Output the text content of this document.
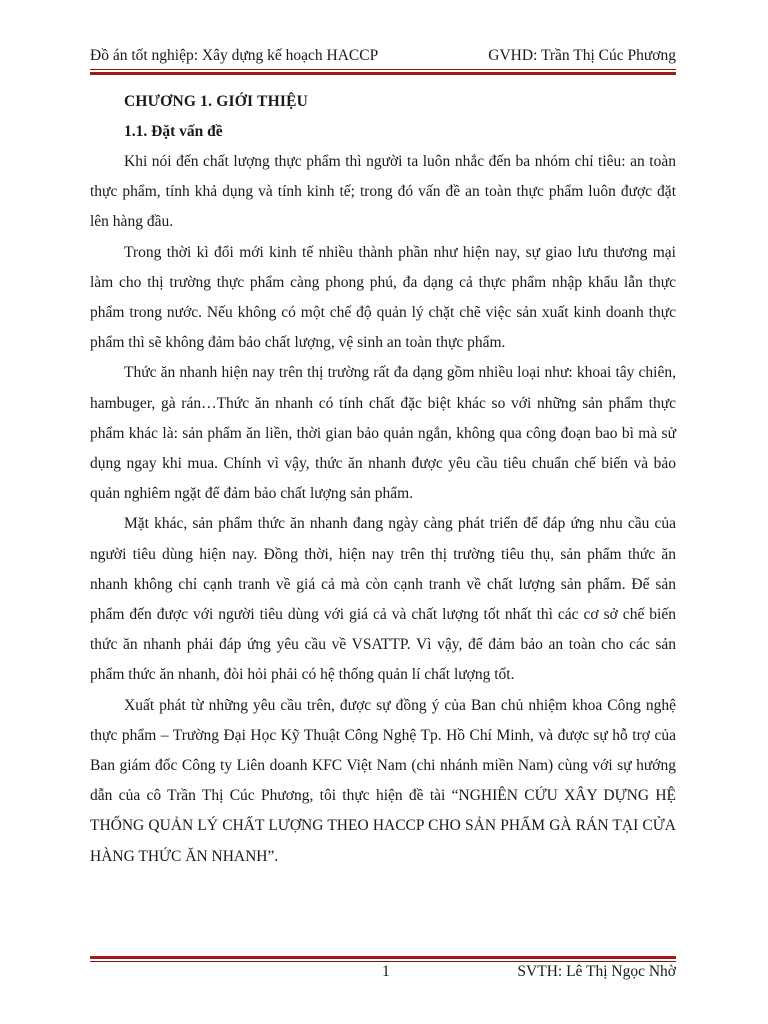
Đồ án tốt nghiệp: Xây dựng kế hoạch HACCP	GVHD: Trần Thị Cúc Phương
CHƯƠNG 1. GIỚI THIỆU
1.1. Đặt vấn đề

Khi nói đến chất lượng thực phẩm thì người ta luôn nhắc đến ba nhóm chỉ tiêu: an toàn thực phẩm, tính khả dụng và tính kinh tế; trong đó vấn đề an toàn thực phẩm luôn được đặt lên hàng đầu.

Trong thời kì đổi mới kinh tế nhiều thành phần như hiện nay, sự giao lưu thương mại làm cho thị trường thực phẩm càng phong phú, đa dạng cả thực phẩm nhập khẩu lẫn thực phẩm trong nước. Nếu không có một chế độ quản lý chặt chẽ việc sản xuất kinh doanh thực phẩm thì sẽ không đảm bảo chất lượng, vệ sinh an toàn thực phẩm.

Thức ăn nhanh hiện nay trên thị trường rất đa dạng gồm nhiều loại như: khoai tây chiên, hambuger, gà rán…Thức ăn nhanh có tính chất đặc biệt khác so với những sản phẩm thực phẩm khác là: sản phẩm ăn liền, thời gian bảo quản ngắn, không qua công đoạn bao bì mà sử dụng ngay khi mua. Chính vì vậy, thức ăn nhanh được yêu cầu tiêu chuẩn chế biến và bảo quản nghiêm ngặt để đảm bảo chất lượng sản phẩm.

Mặt khác, sản phẩm thức ăn nhanh đang ngày càng phát triển để đáp ứng nhu cầu của người tiêu dùng hiện nay. Đồng thời, hiện nay trên thị trường tiêu thụ, sản phẩm thức ăn nhanh không chỉ cạnh tranh về giá cả mà còn cạnh tranh về chất lượng sản phẩm. Để sản phẩm đến được với người tiêu dùng với giá cả và chất lượng tốt nhất thì các cơ sở chế biến thức ăn nhanh phải đáp ứng yêu cầu về VSATTP. Vì vậy, để đảm bảo an toàn cho các sản phẩm thức ăn nhanh, đòi hỏi phải có hệ thống quản lí chất lượng tốt.

Xuất phát từ những yêu cầu trên, được sự đồng ý của Ban chủ nhiệm khoa Công nghệ thực phẩm – Trường Đại Học Kỹ Thuật Công Nghệ Tp. Hồ Chí Minh, và được sự hỗ trợ của Ban giám đốc Công ty Liên doanh KFC Việt Nam (chi nhánh miền Nam) cùng với sự hướng dẫn của cô Trần Thị Cúc Phương, tôi thực hiện đề tài “NGHIÊN CỨU XÂY DỰNG HỆ THỐNG QUẢN LÝ CHẤT LƯỢNG THEO HACCP CHO SẢN PHẨM GÀ RÁN TẠI CỬA HÀNG THỨC ĂN NHANH”.

1	SVTH: Lê Thị Ngọc Nhờ
